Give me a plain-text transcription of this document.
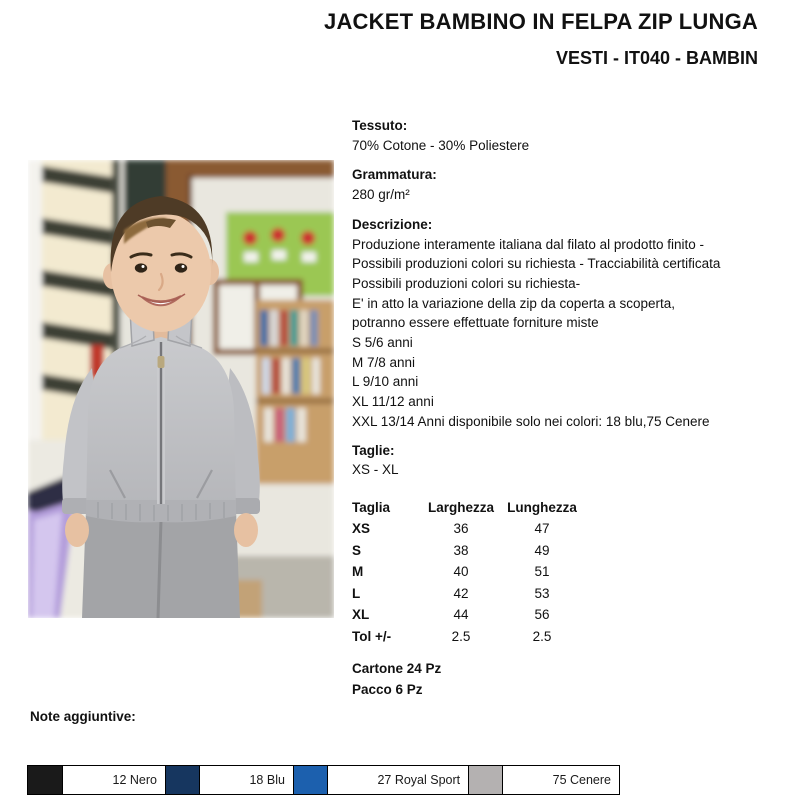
JACKET BAMBINO IN FELPA ZIP LUNGA
VESTI - IT040 - BAMBIN
Tessuto:
70% Cotone - 30% Poliestere
Grammatura:
280 gr/m²
Descrizione:
Produzione interamente italiana dal filato al prodotto finito -
Possibili produzioni colori su richiesta - Tracciabilità certificata
Possibili produzioni colori su richiesta-
E' in atto la variazione della zip da coperta a scoperta,
potranno essere effettuate forniture miste
S 5/6 anni
M 7/8 anni
L 9/10 anni
XL 11/12 anni
XXL 13/14 Anni disponibile solo nei colori: 18 blu,75 Cenere
Taglie:
XS - XL
Taglia	Larghezza Lunghezza
XS	36	47
S	38	49
M	40	51
L	42	53
XL	44	56
Tol +/-	2.5	2.5
Cartone 24 Pz
Pacco 6 Pz
Note aggiuntive:
12 Nero	18 Blu	27 Royal Sport	75 Cenere
